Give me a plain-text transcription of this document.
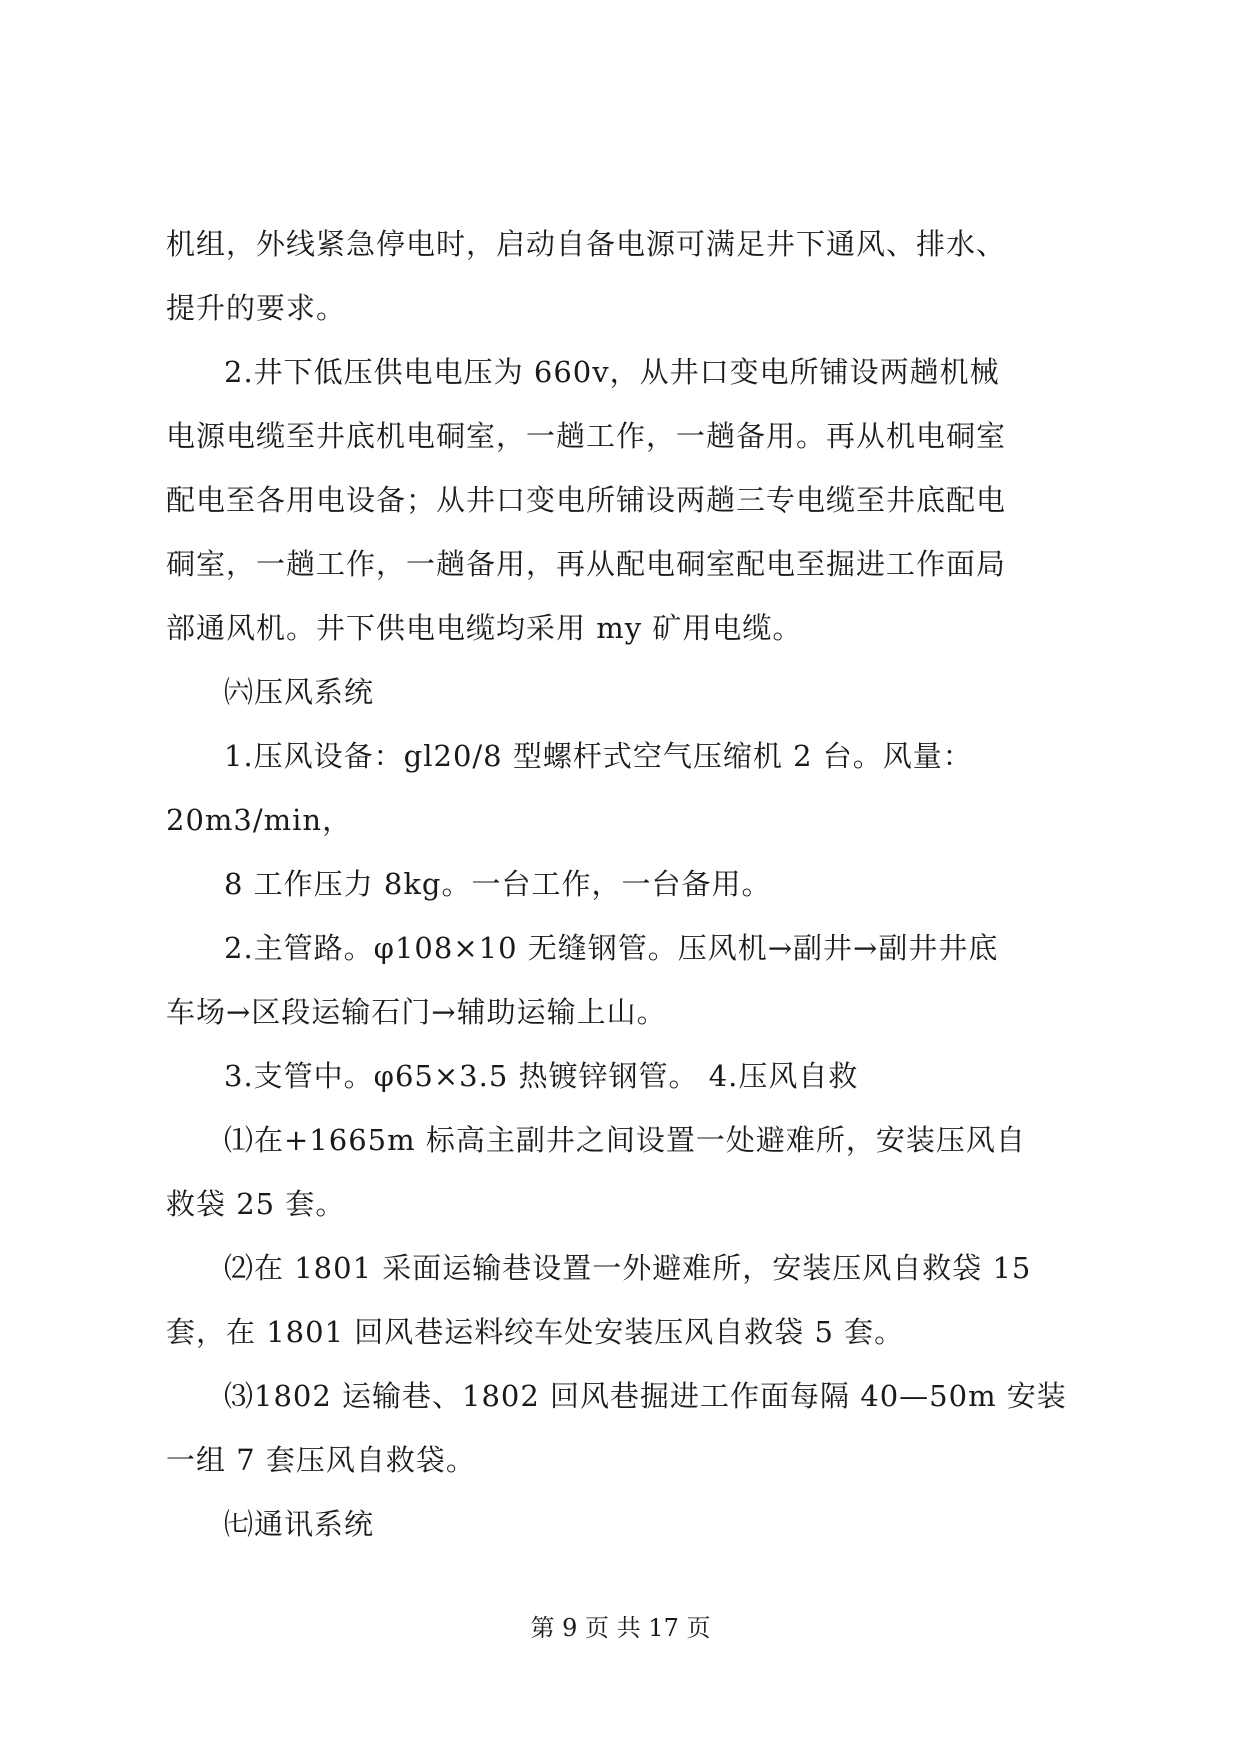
机组，外线紧急停电时，启动自备电源可满足井下通风、排水、
提升的要求。
2.井下低压供电电压为 660v，从井口变电所铺设两趟机械
电源电缆至井底机电硐室，一趟工作，一趟备用。再从机电硐室
配电至各用电设备；从井口变电所铺设两趟三专电缆至井底配电
硐室，一趟工作，一趟备用，再从配电硐室配电至掘进工作面局
部通风机。井下供电电缆均采用 my 矿用电缆。
㈥压风系统
1.压风设备：gl20/8 型螺杆式空气压缩机 2 台。风量：
20m3/min，
8 工作压力 8kg。一台工作，一台备用。
2.主管路。φ108×10 无缝钢管。压风机→副井→副井井底
车场→区段运输石门→辅助运输上山。
3.支管中。φ65×3.5 热镀锌钢管。 4.压风自救
⑴在+1665m 标高主副井之间设置一处避难所，安装压风自
救袋 25 套。
⑵在 1801 采面运输巷设置一外避难所，安装压风自救袋 15
套，在 1801 回风巷运料绞车处安装压风自救袋 5 套。
⑶1802 运输巷、1802 回风巷掘进工作面每隔 40—50m 安装
一组 7 套压风自救袋。
㈦通讯系统
第 9 页 共 17 页
